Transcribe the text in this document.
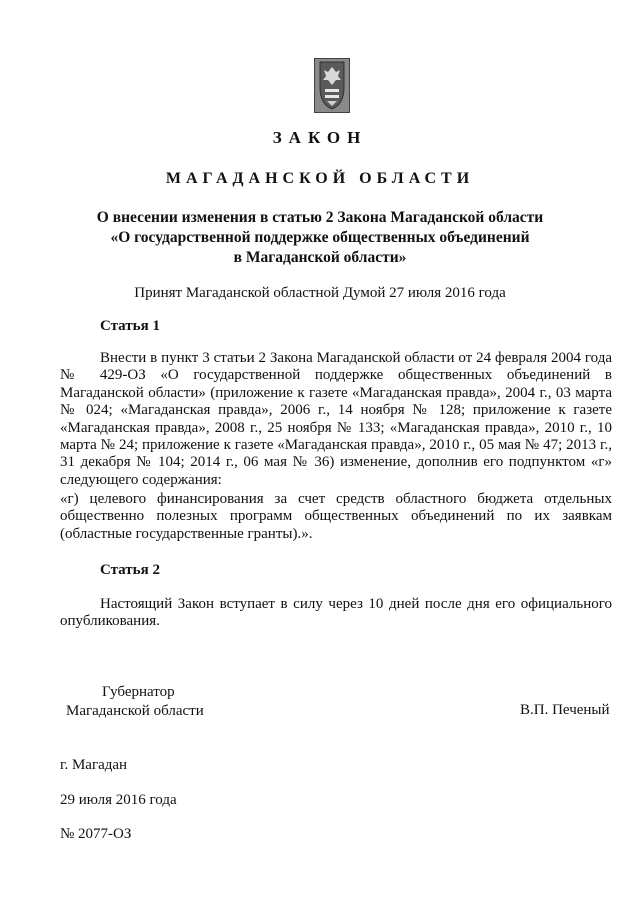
ЗАКОН
МАГАДАНСКОЙ ОБЛАСТИ
О внесении изменения в статью 2 Закона Магаданской области
«О государственной поддержке общественных объединений
в Магаданской области»
Принят Магаданской областной Думой 27 июля 2016 года
Статья 1
Внести в пункт 3 статьи 2 Закона Магаданской области от 24 февраля 2004 года № 429-ОЗ «О государственной поддержке общественных объединений в Магаданской области» (приложение к газете «Магаданская правда», 2004 г., 03 марта № 024; «Магаданская правда», 2006 г., 14 ноября № 128; приложение к газете «Магаданская правда», 2008 г., 25 ноября № 133; «Магаданская правда», 2010 г., 10 марта № 24; приложение к газете «Магаданская правда», 2010 г., 05 мая № 47; 2013 г., 31 декабря № 104; 2014 г., 06 мая № 36) изменение, дополнив его подпунктом «г» следующего содержания:
«г) целевого финансирования за счет средств областного бюджета отдельных общественно полезных программ общественных объединений по их заявкам (областные государственные гранты).».
Статья 2
Настоящий Закон вступает в силу через 10 дней после дня его официального опубликования.
Губернатор
Магаданской области	В.П. Печеный
г. Магадан
29 июля 2016 года
№ 2077-ОЗ
